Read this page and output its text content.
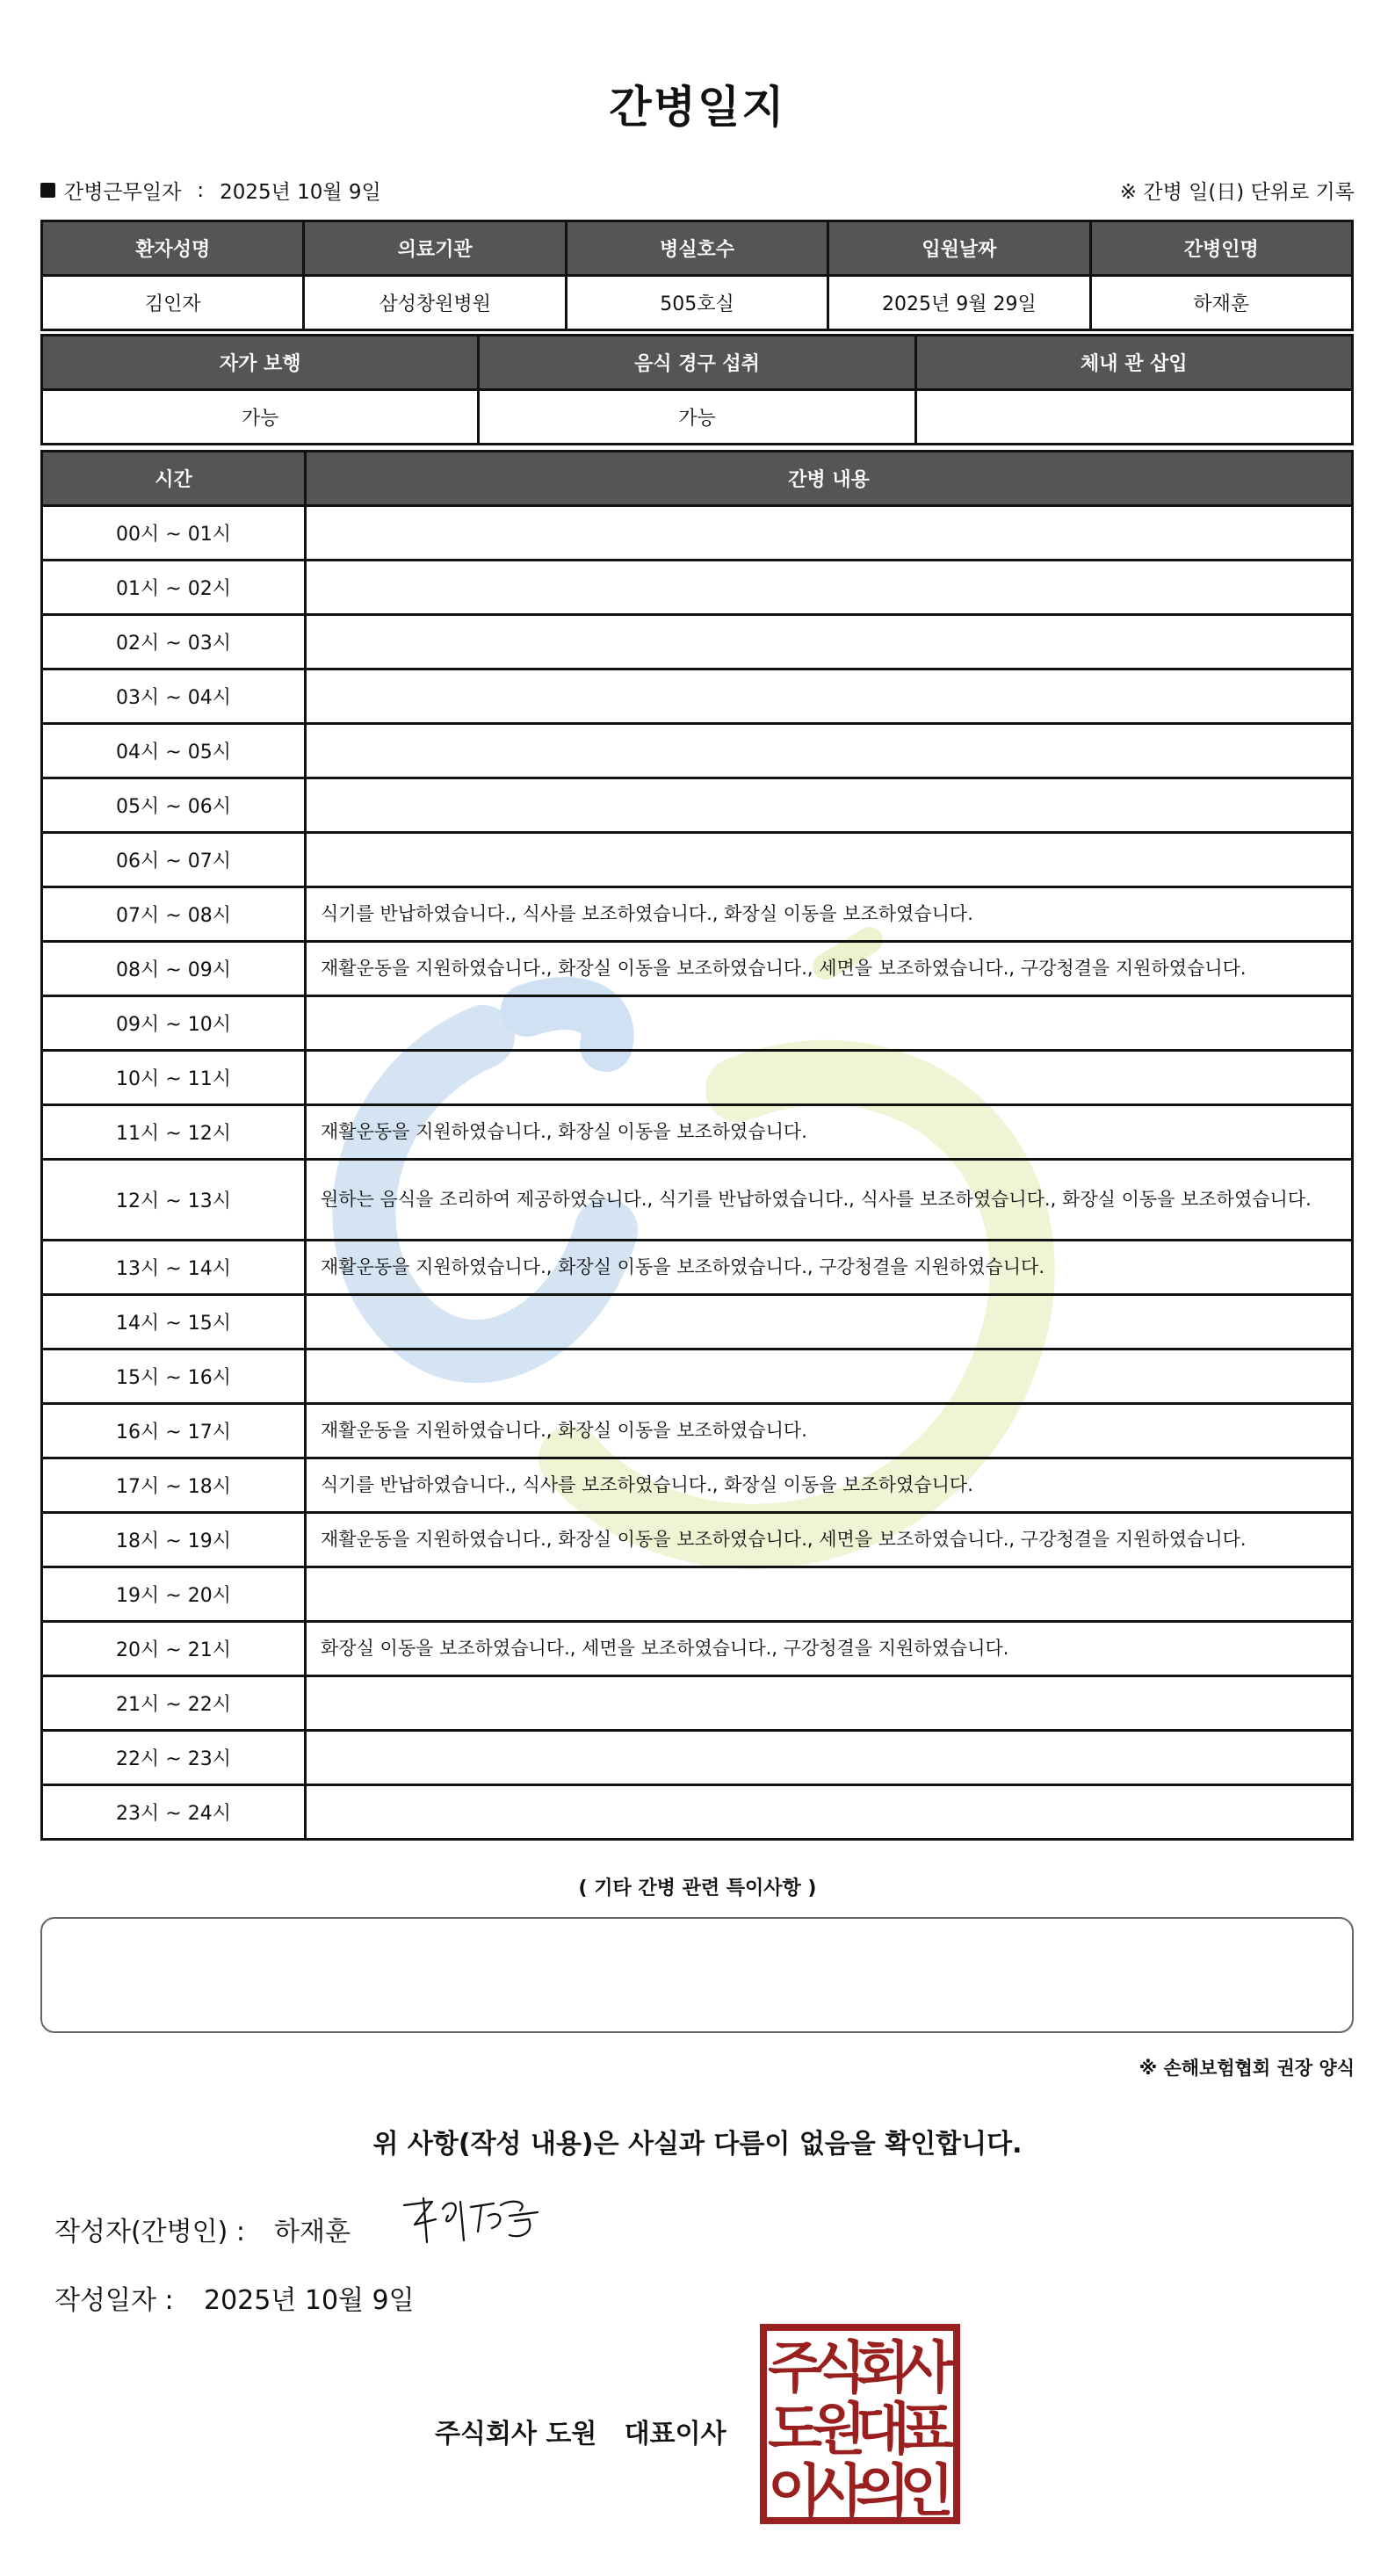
간병일지
간병근무일자 : 2025년 10월 9일	※ 간병 일(日) 단위로 기록
환자성명	의료기관	병실호수	입원날짜	간병인명
김인자	삼성창원병원	505호실	2025년 9월 29일	하재훈
자가 보행	음식 경구 섭취	체내 관 삽입
가능	가능	
시간	간병 내용
00시 ~ 01시	
01시 ~ 02시	
02시 ~ 03시	
03시 ~ 04시	
04시 ~ 05시	
05시 ~ 06시	
06시 ~ 07시	
07시 ~ 08시	식기를 반납하였습니다., 식사를 보조하였습니다., 화장실 이동을 보조하였습니다.
08시 ~ 09시	재활운동을 지원하였습니다., 화장실 이동을 보조하였습니다., 세면을 보조하였습니다., 구강청결을 지원하였습니다.
09시 ~ 10시	
10시 ~ 11시	
11시 ~ 12시	재활운동을 지원하였습니다., 화장실 이동을 보조하였습니다.
12시 ~ 13시	원하는 음식을 조리하여 제공하였습니다., 식기를 반납하였습니다., 식사를 보조하였습니다., 화장실 이동을 보조하였습니다.
13시 ~ 14시	재활운동을 지원하였습니다., 화장실 이동을 보조하였습니다., 구강청결을 지원하였습니다.
14시 ~ 15시	
15시 ~ 16시	
16시 ~ 17시	재활운동을 지원하였습니다., 화장실 이동을 보조하였습니다.
17시 ~ 18시	식기를 반납하였습니다., 식사를 보조하였습니다., 화장실 이동을 보조하였습니다.
18시 ~ 19시	재활운동을 지원하였습니다., 화장실 이동을 보조하였습니다., 세면을 보조하였습니다., 구강청결을 지원하였습니다.
19시 ~ 20시	
20시 ~ 21시	화장실 이동을 보조하였습니다., 세면을 보조하였습니다., 구강청결을 지원하였습니다.
21시 ~ 22시	
22시 ~ 23시	
23시 ~ 24시	
( 기타 간병 관련 특이사항 )
※ 손해보험협회 권장 양식
위 사항(작성 내용)은 사실과 다름이 없음을 확인합니다.
작성자(간병인) :	하재훈
작성일자 :	2025년 10월 9일
주식회사 도원   대표이사
주
식
회
사
도
원
대
표
이
사
의
인
